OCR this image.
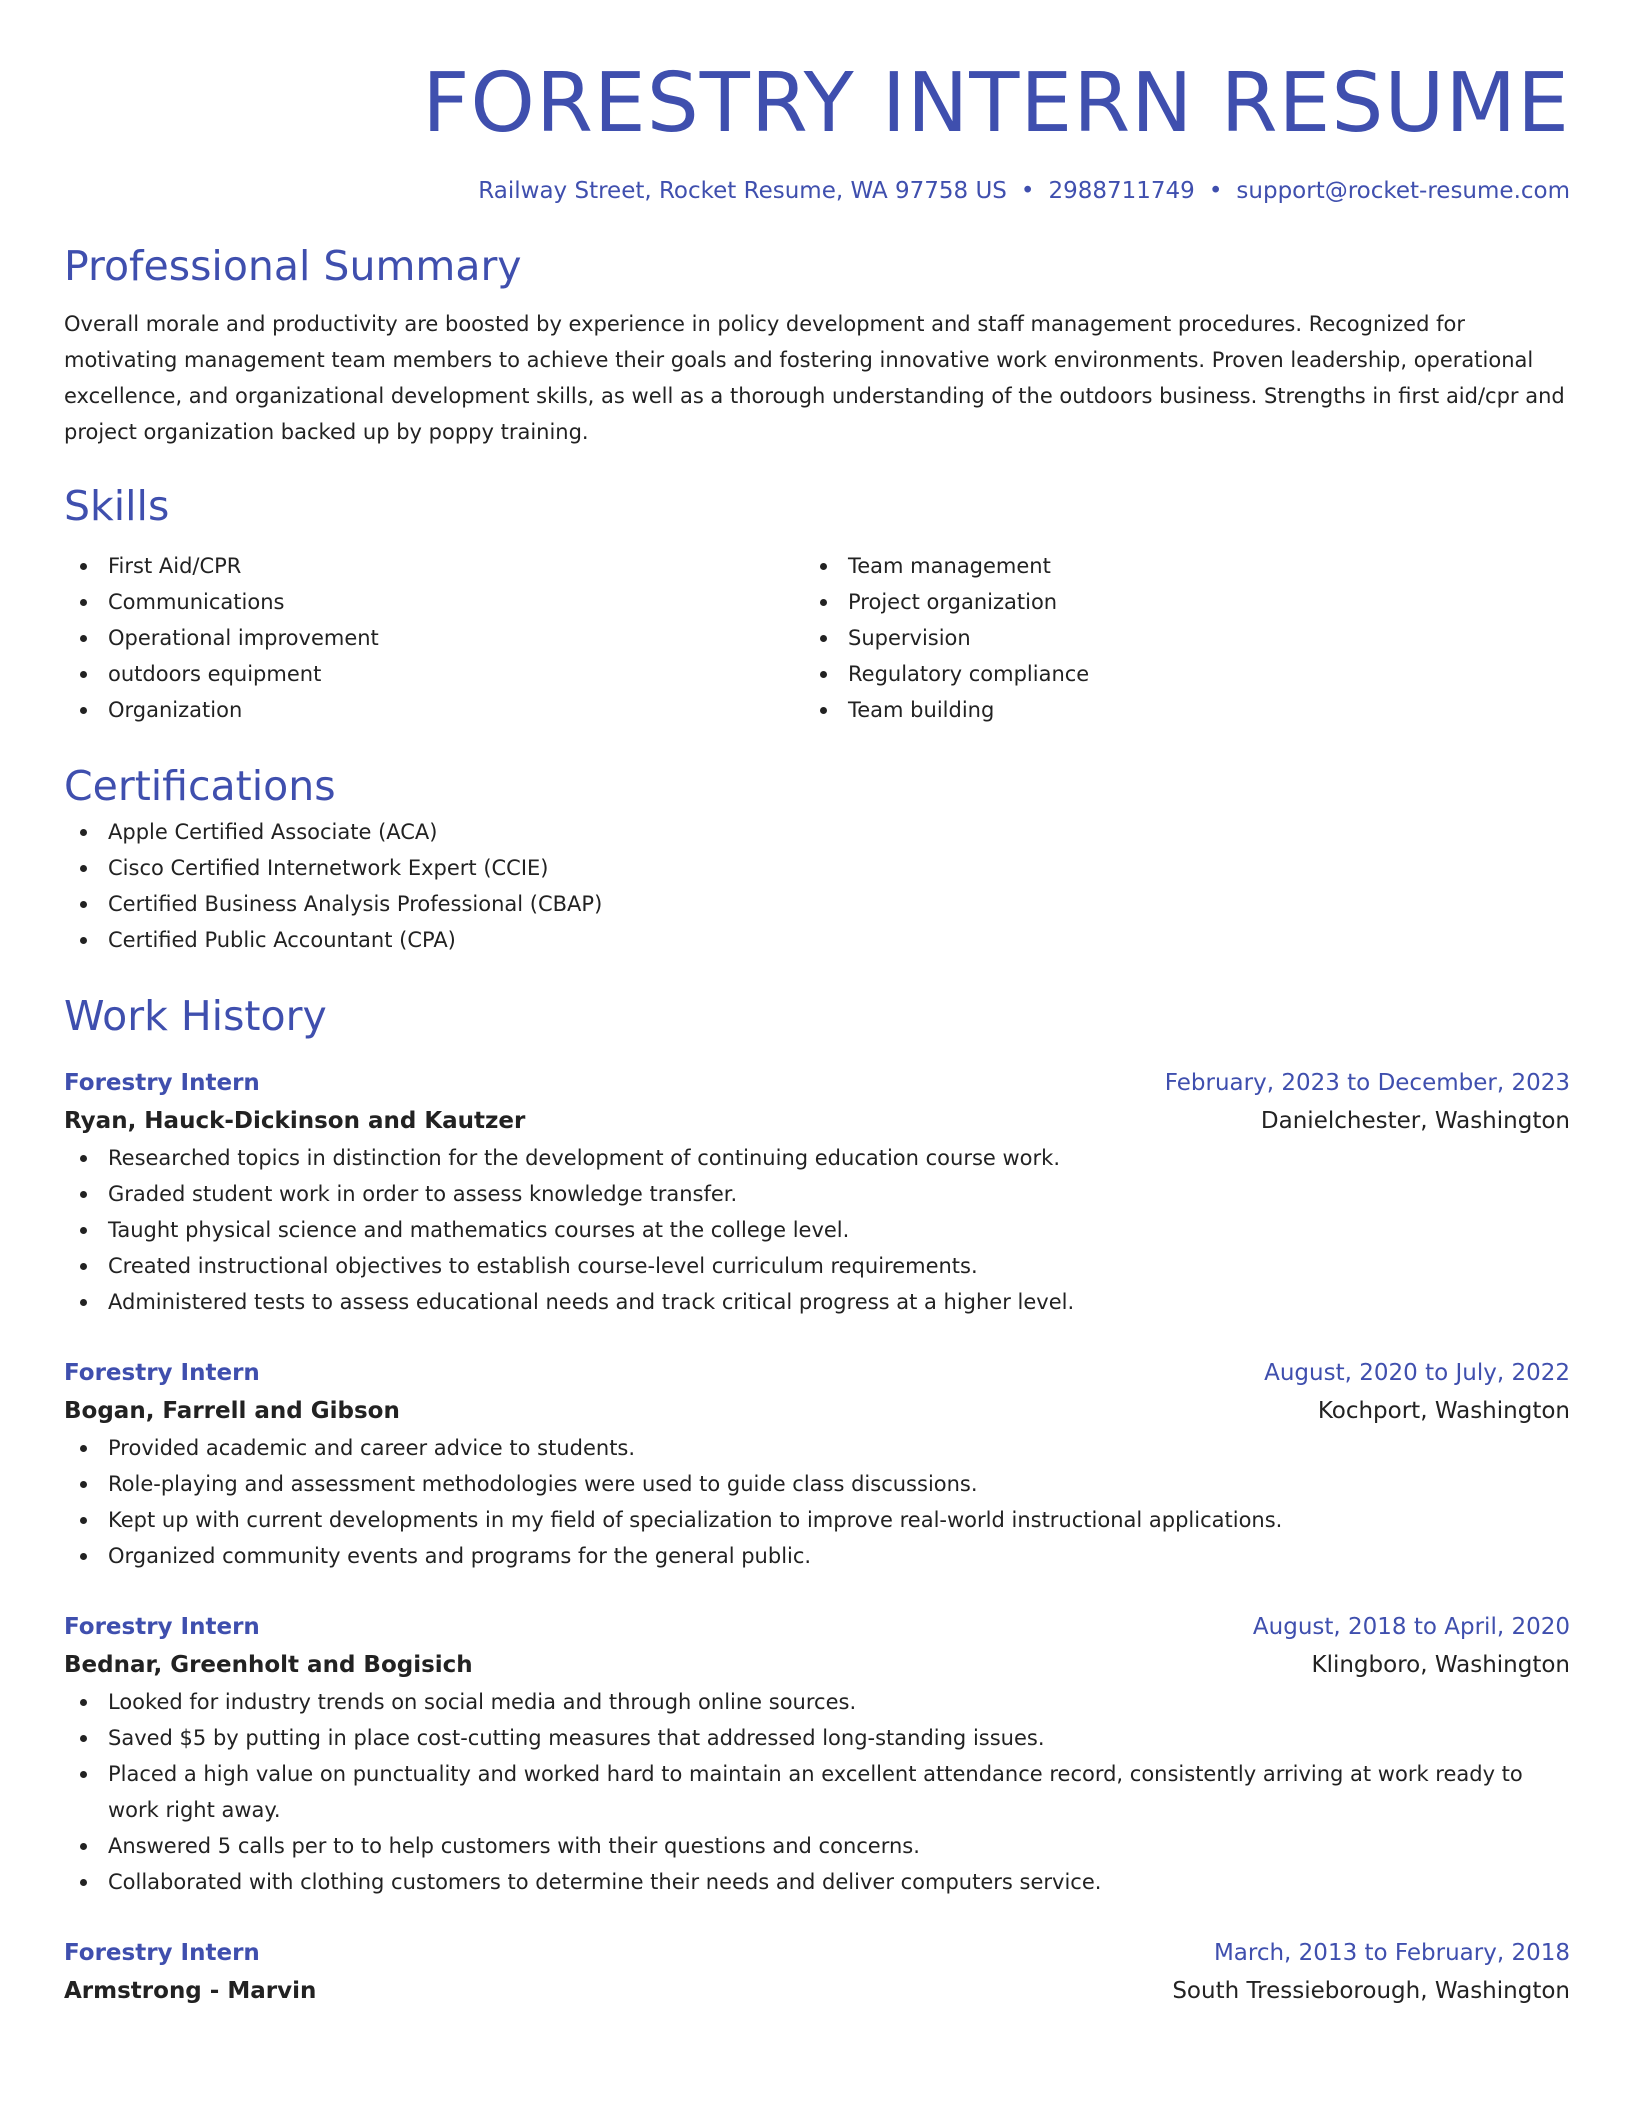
FORESTRY INTERN RESUME
Railway Street, Rocket Resume, WA 97758 US • 2988711749 • support@rocket-resume.com
Professional Summary
Overall morale and productivity are boosted by experience in policy development and staff management procedures. Recognized for motivating management team members to achieve their goals and fostering innovative work environments. Proven leadership, operational excellence, and organizational development skills, as well as a thorough understanding of the outdoors business. Strengths in first aid/cpr and project organization backed up by poppy training.
Skills
First Aid/CPR
Communications
Operational improvement
outdoors equipment
Organization
Team management
Project organization
Supervision
Regulatory compliance
Team building
Certifications
Apple Certified Associate (ACA)
Cisco Certified Internetwork Expert (CCIE)
Certified Business Analysis Professional (CBAP)
Certified Public Accountant (CPA)
Work History
Forestry Intern	February, 2023 to December, 2023
Ryan, Hauck-Dickinson and Kautzer	Danielchester, Washington
Researched topics in distinction for the development of continuing education course work.
Graded student work in order to assess knowledge transfer.
Taught physical science and mathematics courses at the college level.
Created instructional objectives to establish course-level curriculum requirements.
Administered tests to assess educational needs and track critical progress at a higher level.
Forestry Intern	August, 2020 to July, 2022
Bogan, Farrell and Gibson	Kochport, Washington
Provided academic and career advice to students.
Role-playing and assessment methodologies were used to guide class discussions.
Kept up with current developments in my field of specialization to improve real-world instructional applications.
Organized community events and programs for the general public.
Forestry Intern	August, 2018 to April, 2020
Bednar, Greenholt and Bogisich	Klingboro, Washington
Looked for industry trends on social media and through online sources.
Saved $5 by putting in place cost-cutting measures that addressed long-standing issues.
Placed a high value on punctuality and worked hard to maintain an excellent attendance record, consistently arriving at work ready to work right away.
Answered 5 calls per to to help customers with their questions and concerns.
Collaborated with clothing customers to determine their needs and deliver computers service.
Forestry Intern	March, 2013 to February, 2018
Armstrong - Marvin	South Tressieborough, Washington
